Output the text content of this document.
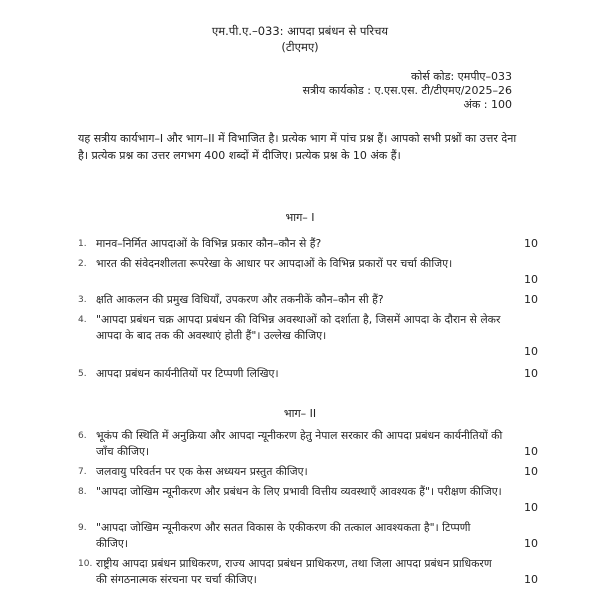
एम.पी.ए.–033: आपदा प्रबंधन से परिचय
(टीएमए)
कोर्स कोड: एमपीए–033
सत्रीय कार्यकोड : ए.एस.एस. टी/टीएमए/2025–26
अंक : 100
यह सत्रीय कार्यभाग–I और भाग–II में विभाजित है। प्रत्येक भाग में पांच प्रश्न हैं। आपको सभी प्रश्नों का उत्तर देना है। प्रत्येक प्रश्न का उत्तर लगभग 400 शब्दों में दीजिए। प्रत्येक प्रश्न के 10 अंक हैं।
भाग– I
1. मानव–निर्मित आपदाओं के विभिन्न प्रकार कौन–कौन से हैं?	10
2. भारत की संवेदनशीलता रूपरेखा के आधार पर आपदाओं के विभिन्न प्रकारों पर चर्चा कीजिए।
10
3. क्षति आकलन की प्रमुख विधियाँ, उपकरण और तकनीकें कौन–कौन सी हैं?	10
4. "आपदा प्रबंधन चक्र आपदा प्रबंधन की विभिन्न अवस्थाओं को दर्शाता है, जिसमें आपदा के दौरान से लेकर आपदा के बाद तक की अवस्थाएं होती हैं"। उल्लेख कीजिए।
10
5. आपदा प्रबंधन कार्यनीतियों पर टिप्पणी लिखिए।	10
भाग– II
6. भूकंप की स्थिति में अनुक्रिया और आपदा न्यूनीकरण हेतु नेपाल सरकार की आपदा प्रबंधन कार्यनीतियों की जाँच कीजिए।	10
7. जलवायु परिवर्तन पर एक केस अध्ययन प्रस्तुत कीजिए।	10
8. "आपदा जोखिम न्यूनीकरण और प्रबंधन के लिए प्रभावी वित्तीय व्यवस्थाएँ आवश्यक हैं"। परीक्षण कीजिए।
10
9. "आपदा जोखिम न्यूनीकरण और सतत विकास के एकीकरण की तत्काल आवश्यकता है"। टिप्पणी कीजिए।	10
10. राष्ट्रीय आपदा प्रबंधन प्राधिकरण, राज्य आपदा प्रबंधन प्राधिकरण, तथा जिला आपदा प्रबंधन प्राधिकरण की संगठनात्मक संरचना पर चर्चा कीजिए।	10
